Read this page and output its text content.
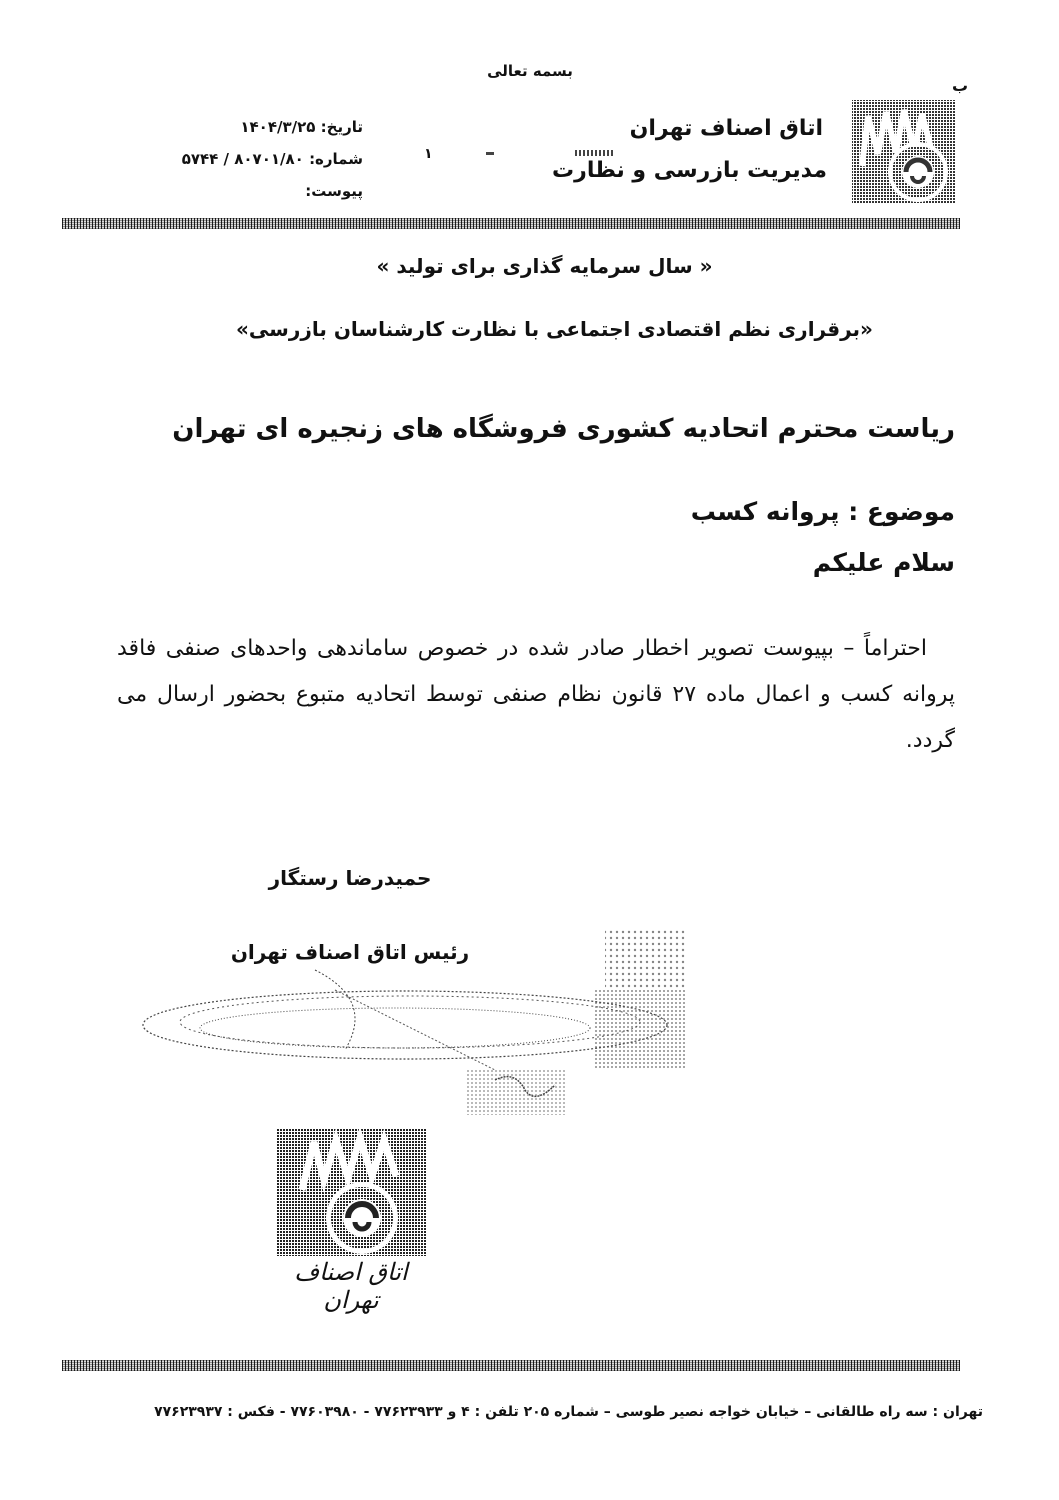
بسمه تعالی
ب
اتاق اصناف تهران
مدیریت بازرسی و نظارت
تاریخ: ۱۴۰۴/۳/۲۵
شماره: ۸۰۷۰۱/۸۰ / ۵۷۴۴
پیوست:
۱
« سال سرمایه گذاری برای تولید »
«برقراری نظم اقتصادی اجتماعی با نظارت کارشناسان بازرسی»
ریاست محترم اتحادیه کشوری فروشگاه های زنجیره ای تهران
موضوع : پروانه کسب
سلام علیکم
احتراماً – بپیوست تصویر اخطار صادر شده در خصوص ساماندهی واحدهای صنفی فاقد پروانه کسب و اعمال ماده ۲۷ قانون نظام صنفی توسط اتحادیه متبوع بحضور ارسال می گردد.
حمیدرضا رستگار
رئیس اتاق اصناف تهران
اتاق اصناف تهران
تهران : سه راه طالقانی – خیابان خواجه نصیر طوسی – شماره ۲۰۵ تلفن : ۴ و ۷۷۶۲۳۹۳۳ - ۷۷۶۰۳۹۸۰ - فکس : ۷۷۶۲۳۹۳۷
